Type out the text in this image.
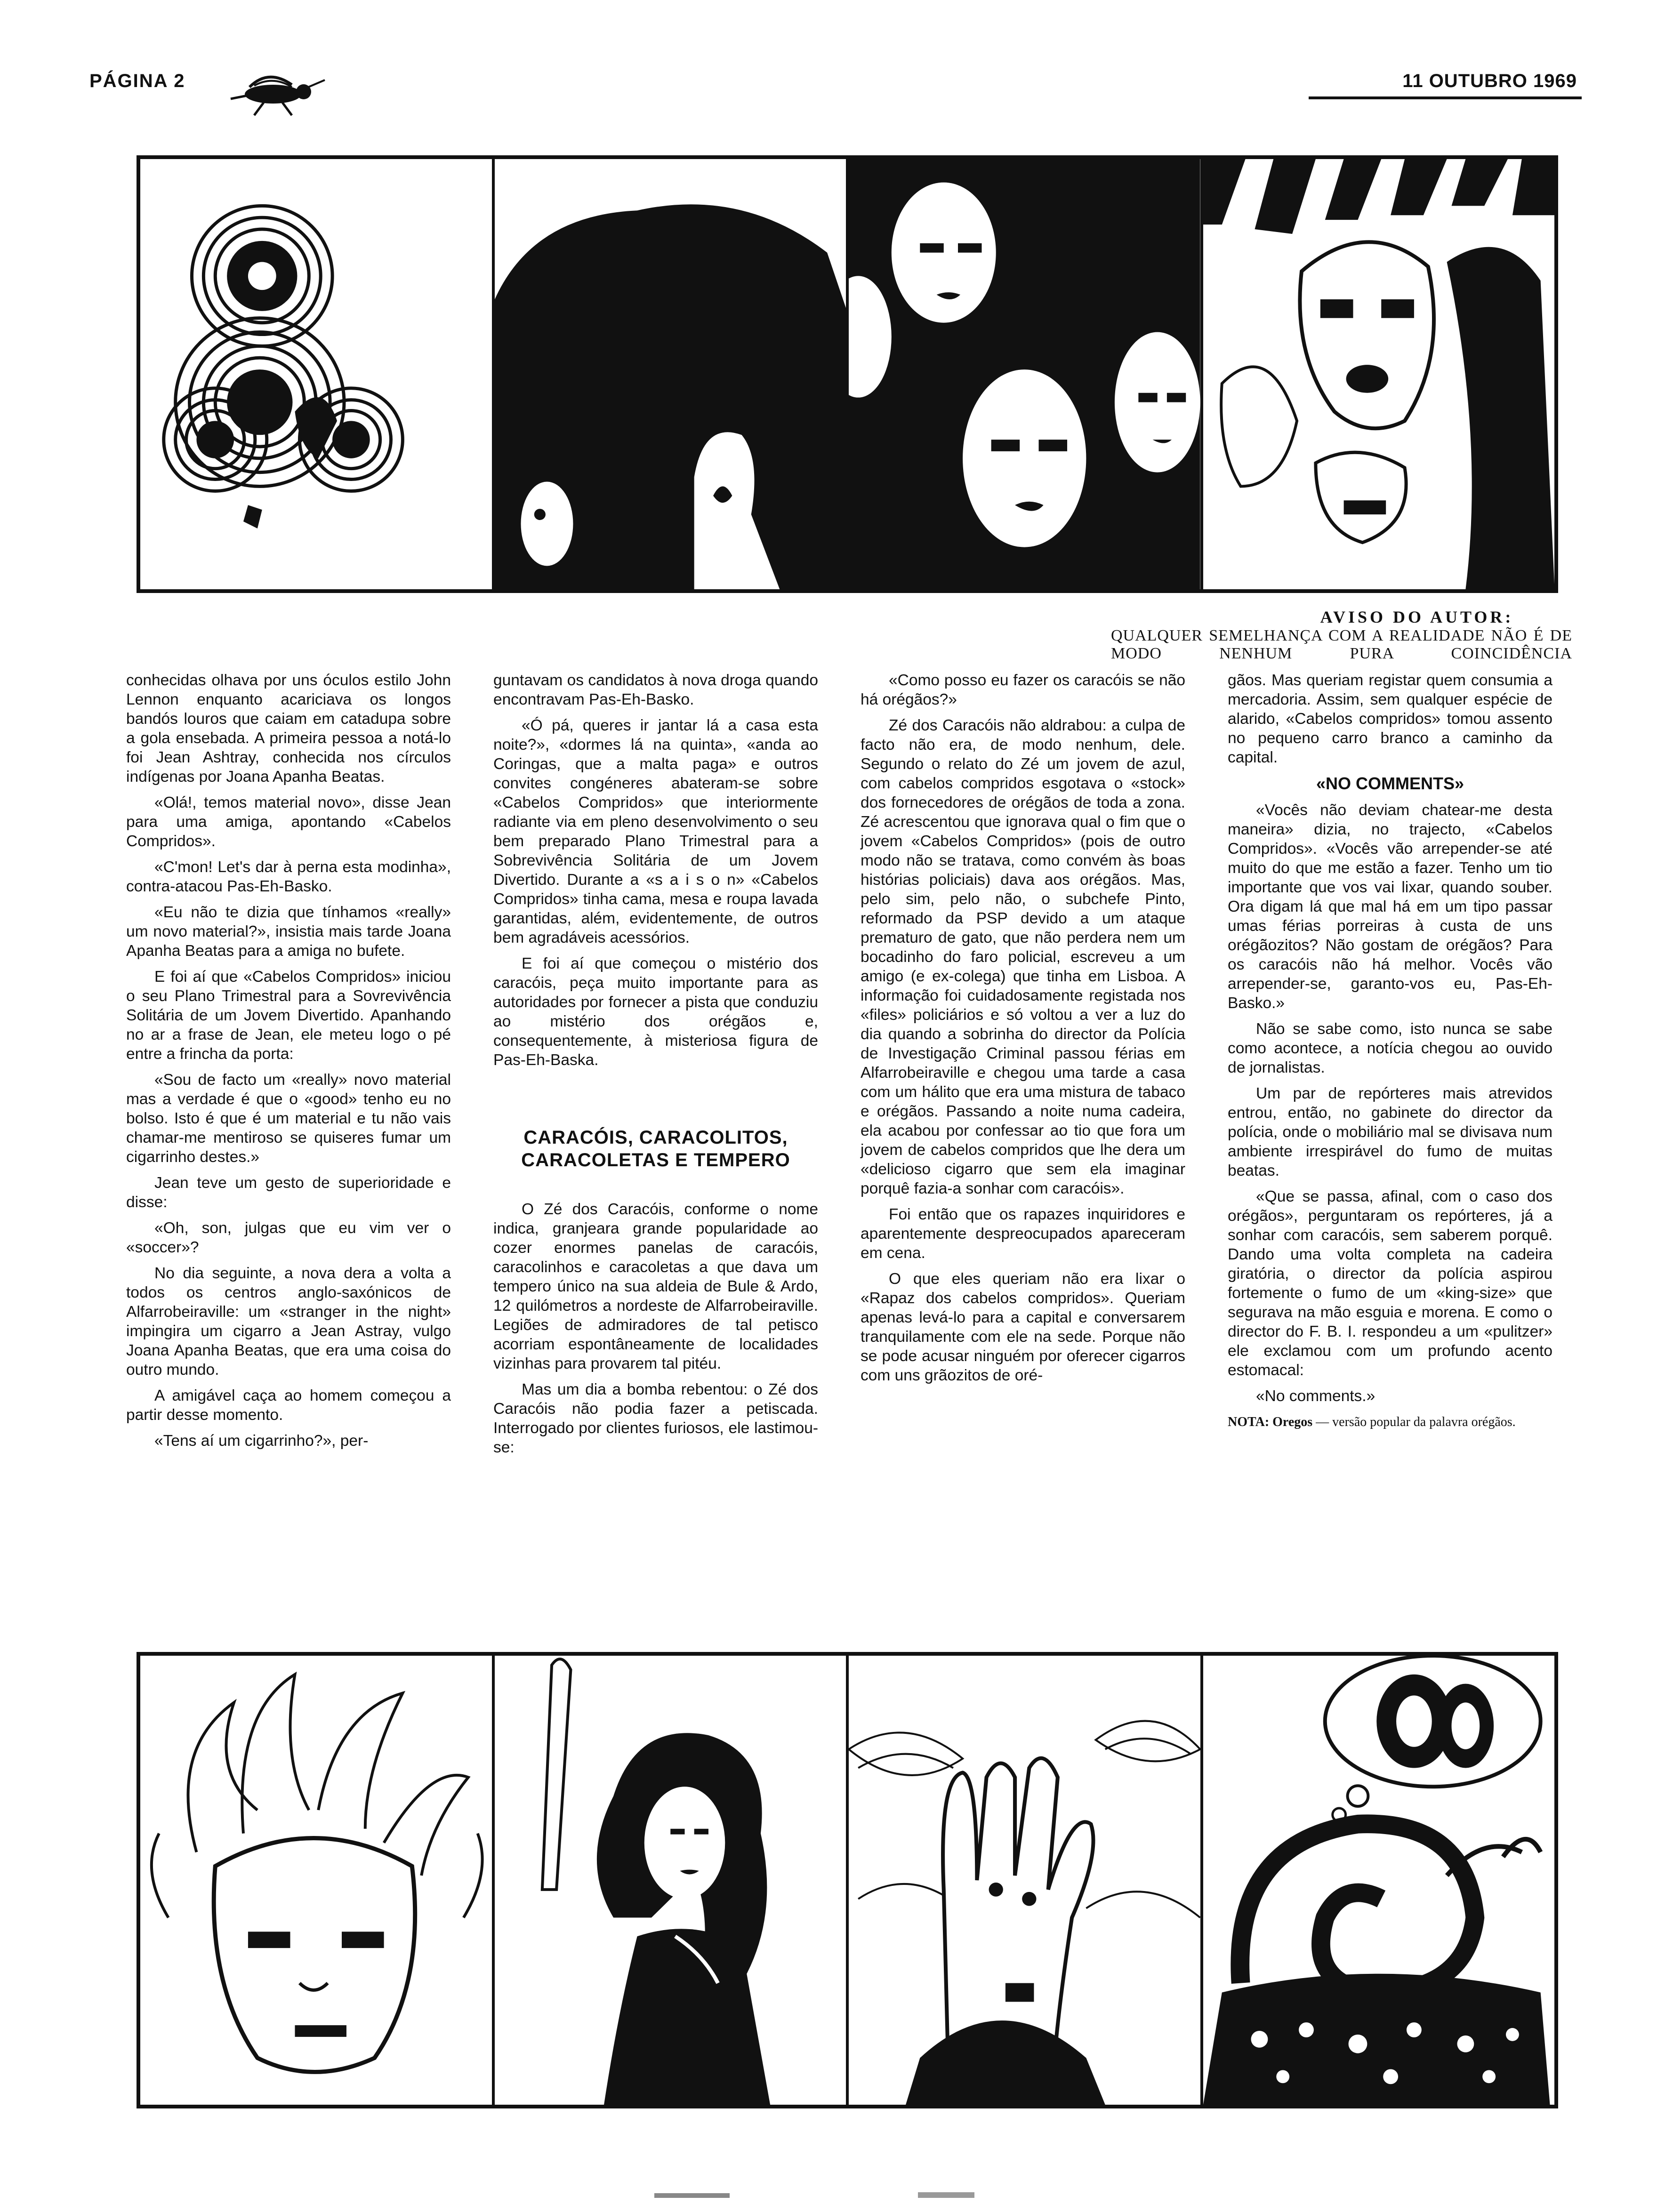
PÁGINA 2	11 OUTUBRO 1969
AVISO DO AUTOR:
QUALQUER SEMELHANÇA COM A REALIDADE NÃO É DE MODO NENHUM PURA COINCIDÊNCIA

conhecidas olhava por uns óculos estilo John Lennon enquanto acariciava os longos bandós louros que caiam em catadupa sobre a gola ensebada. A primeira pessoa a notá-lo foi Jean Ashtray, conhecida nos círculos indígenas por Joana Apanha Beatas.

«Olá!, temos material novo», disse Jean para uma amiga, apontando «Cabelos Compridos».

«C'mon! Let's dar à perna esta modinha», contra-atacou Pas-Eh-Basko.

«Eu não te dizia que tínhamos «really» um novo material?», insistia mais tarde Joana Apanha Beatas para a amiga no bufete.

E foi aí que «Cabelos Compridos» iniciou o seu Plano Trimestral para a Sovrevivência Solitária de um Jovem Divertido. Apanhando no ar a frase de Jean, ele meteu logo o pé entre a frincha da porta:

«Sou de facto um «really» novo material mas a verdade é que o «good» tenho eu no bolso. Isto é que é um material e tu não vais chamar-me mentiroso se quiseres fumar um cigarrinho destes.»

Jean teve um gesto de superioridade e disse:

«Oh, son, julgas que eu vim ver o «soccer»?

No dia seguinte, a nova dera a volta a todos os centros anglo-saxónicos de Alfarrobeiraville: um «stranger in the night» impingira um cigarro a Jean Astray, vulgo Joana Apanha Beatas, que era uma coisa do outro mundo.

A amigável caça ao homem começou a partir desse momento.

«Tens aí um cigarrinho?», per-

guntavam os candidatos à nova droga quando encontravam Pas-Eh-Basko.

«Ó pá, queres ir jantar lá a casa esta noite?», «dormes lá na quinta», «anda ao Coringas, que a malta paga» e outros convites congéneres abateram-se sobre «Cabelos Compridos» que interiormente radiante via em pleno desenvolvimento o seu bem preparado Plano Trimestral para a Sobrevivência Solitária de um Jovem Divertido. Durante a «s a i s o n» «Cabelos Compridos» tinha cama, mesa e roupa lavada garantidas, além, evidentemente, de outros bem agradáveis acessórios.

E foi aí que começou o mistério dos caracóis, peça muito importante para as autoridades por fornecer a pista que conduziu ao mistério dos orégãos e, consequentemente, à misteriosa figura de Pas-Eh-Baska.

CARACÓIS, CARACOLITOS, CARACOLETAS E TEMPERO

O Zé dos Caracóis, conforme o nome indica, granjeara grande popularidade ao cozer enormes panelas de caracóis, caracolinhos e caracoletas a que dava um tempero único na sua aldeia de Bule & Ardo, 12 quilómetros a nordeste de Alfarrobeiraville. Legiões de admiradores de tal petisco acorriam espontâneamente de localidades vizinhas para provarem tal pitéu.

Mas um dia a bomba rebentou: o Zé dos Caracóis não podia fazer a petiscada. Interrogado por clientes furiosos, ele lastimou-se:

«Como posso eu fazer os caracóis se não há orégãos?»

Zé dos Caracóis não aldrabou: a culpa de facto não era, de modo nenhum, dele. Segundo o relato do Zé um jovem de azul, com cabelos compridos esgotava o «stock» dos fornecedores de orégãos de toda a zona. Zé acrescentou que ignorava qual o fim que o jovem «Cabelos Compridos» (pois de outro modo não se tratava, como convém às boas histórias policiais) dava aos orégãos. Mas, pelo sim, pelo não, o subchefe Pinto, reformado da PSP devido a um ataque prematuro de gato, que não perdera nem um bocadinho do faro policial, escreveu a um amigo (e ex-colega) que tinha em Lisboa. A informação foi cuidadosamente registada nos «files» policiários e só voltou a ver a luz do dia quando a sobrinha do director da Polícia de Investigação Criminal passou férias em Alfarrobeiraville e chegou uma tarde a casa com um hálito que era uma mistura de tabaco e orégãos. Passando a noite numa cadeira, ela acabou por confessar ao tio que fora um jovem de cabelos compridos que lhe dera um «delicioso cigarro que sem ela imaginar porquê fazia-a sonhar com caracóis».

Foi então que os rapazes inquiridores e aparentemente despreocupados apareceram em cena.

O que eles queriam não era lixar o «Rapaz dos cabelos compridos». Queriam apenas levá-lo para a capital e conversarem tranquilamente com ele na sede. Porque não se pode acusar ninguém por oferecer cigarros com uns grãozitos de oré-

gãos. Mas queriam registar quem consumia a mercadoria. Assim, sem qualquer espécie de alarido, «Cabelos compridos» tomou assento no pequeno carro branco a caminho da capital.

«NO COMMENTS»

«Vocês não deviam chatear-me desta maneira» dizia, no trajecto, «Cabelos Compridos». «Vocês vão arrepender-se até muito do que me estão a fazer. Tenho um tio importante que vos vai lixar, quando souber. Ora digam lá que mal há em um tipo passar umas férias porreiras à custa de uns orégãozitos? Não gostam de orégãos? Para os caracóis não há melhor. Vocês vão arrepender-se, garanto-vos eu, Pas-Eh-Basko.»

Não se sabe como, isto nunca se sabe como acontece, a notícia chegou ao ouvido de jornalistas.

Um par de repórteres mais atrevidos entrou, então, no gabinete do director da polícia, onde o mobiliário mal se divisava num ambiente irrespirável do fumo de muitas beatas.

«Que se passa, afinal, com o caso dos orégãos», perguntaram os repórteres, já a sonhar com caracóis, sem saberem porquê. Dando uma volta completa na cadeira giratória, o director da polícia aspirou fortemente o fumo de um «king-size» que segurava na mão esguia e morena. E como o director do F. B. I. respondeu a um «pulitzer» ele exclamou com um profundo acento estomacal:

«No comments.»

NOTA: Oregos — versão popular da palavra orégãos.
